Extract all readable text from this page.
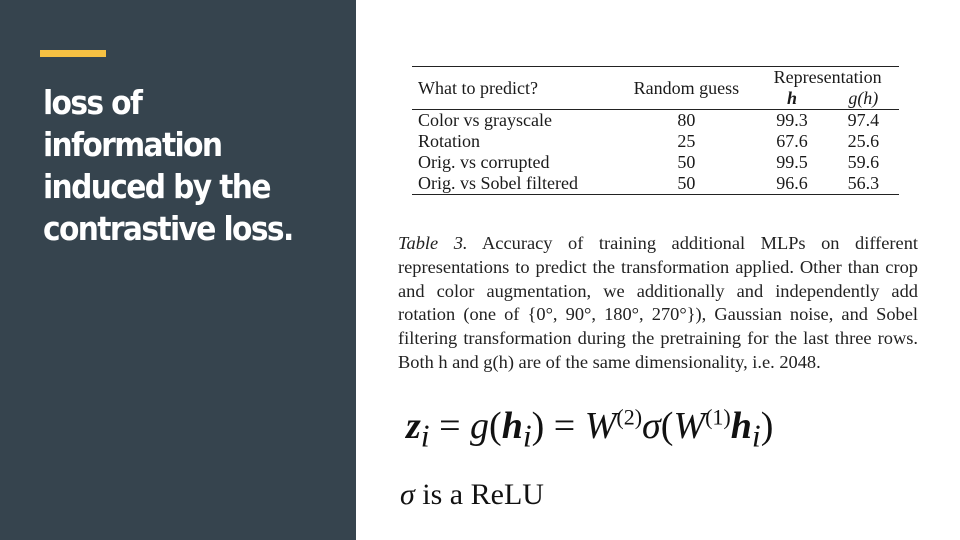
loss of information induced by the contrastive loss.
What to predict?	Random guess	Representation	
		h	g(h)
Color vs grayscale	80	99.3	97.4
Rotation	25	67.6	25.6
Orig. vs corrupted	50	99.5	59.6
Orig. vs Sobel filtered	50	96.6	56.3

Table 3. Accuracy of training additional MLPs on different representations to predict the transformation applied. Other than crop and color augmentation, we additionally and independently add rotation (one of {0°, 90°, 180°, 270°}), Gaussian noise, and Sobel filtering transformation during the pretraining for the last three rows. Both h and g(h) are of the same dimensionality, i.e. 2048.

$z_i = g(h_i) = W^{(2)}\sigma(W^{(1)}h_i)$
σ is a ReLU
